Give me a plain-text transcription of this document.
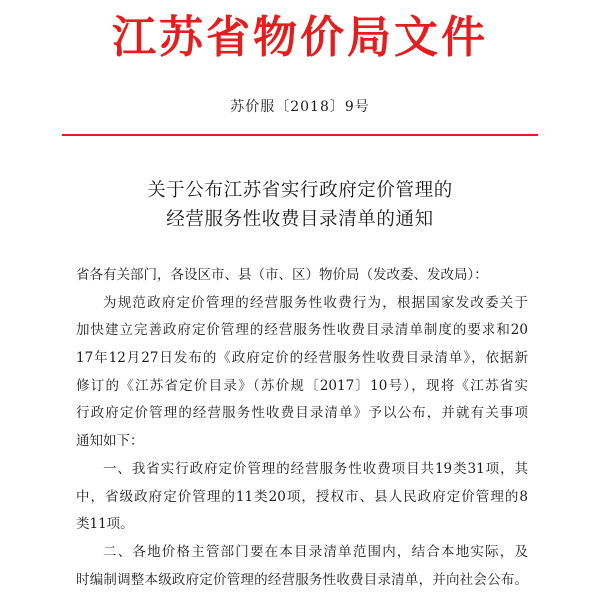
江苏省物价局文件
苏价服〔2018〕9号
关于公布江苏省实行政府定价管理的
经营服务性收费目录清单的通知
省各有关部门，各设区市、县（市、区）物价局（发改委、发改局）：
为规范政府定价管理的经营服务性收费行为，根据国家发改委关于
加快建立完善政府定价管理的经营服务性收费目录清单制度的要求和20
17年12月27日发布的《政府定价的经营服务性收费目录清单》，依据新
修订的《江苏省定价目录》（苏价规〔2017〕10号），现将《江苏省实
行政府定价管理的经营服务性收费目录清单》予以公布，并就有关事项
通知如下：
一、我省实行政府定价管理的经营服务性收费项目共19类31项，其
中，省级政府定价管理的11类20项，授权市、县人民政府定价管理的8
类11项。
二、各地价格主管部门要在本目录清单范围内，结合本地实际，及
时编制调整本级政府定价管理的经营服务性收费目录清单，并向社会公布。
